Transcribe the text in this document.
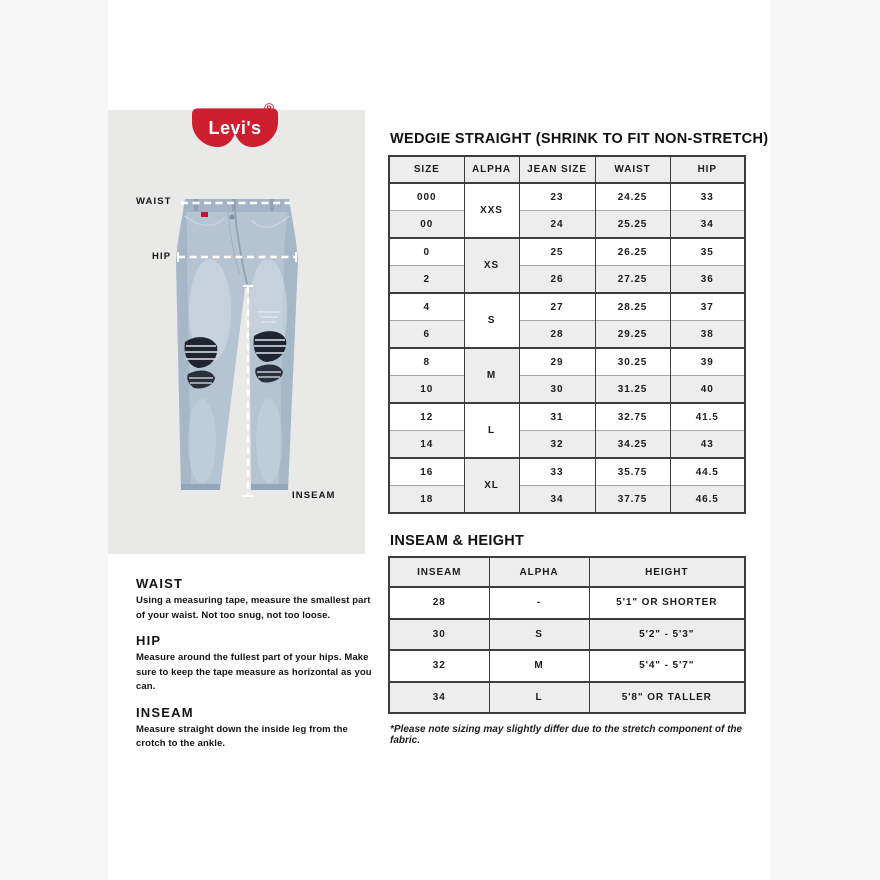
Levi's
®
WAIST
HIP
INSEAM
WEDGIE STRAIGHT (SHRINK TO FIT NON-STRETCH)
SIZE	ALPHA	JEAN SIZE	WAIST	HIP
000	XXS	23	24.25	33
00		24	25.25	34
0	XS	25	26.25	35
2		26	27.25	36
4	S	27	28.25	37
6		28	29.25	38
8	M	29	30.25	39
10		30	31.25	40
12	L	31	32.75	41.5
14		32	34.25	43
16	XL	33	35.75	44.5
18		34	37.75	46.5
INSEAM & HEIGHT
INSEAM	ALPHA	HEIGHT
28	-	5'1" OR SHORTER
30	S	5'2" - 5'3"
32	M	5'4" - 5'7"
34	L	5'8" OR TALLER
*Please note sizing may slightly differ due to the stretch component of the fabric.
WAIST

Using a measuring tape, measure the smallest part of your waist. Not too snug, not too loose.

HIP

Measure around the fullest part of your hips. Make sure to keep the tape measure as horizontal as you can.

INSEAM

Measure straight down the inside leg from the crotch to the ankle.
